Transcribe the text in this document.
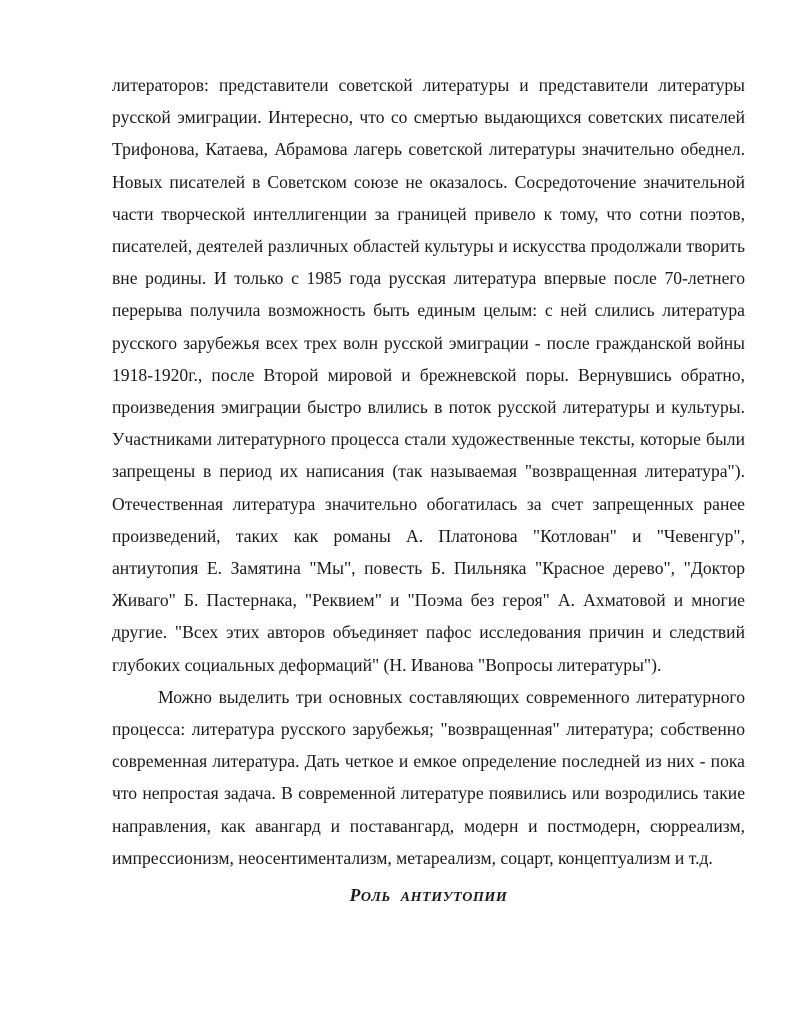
литераторов: представители советской литературы и представители литературы русской эмиграции. Интересно, что со смертью выдающихся советских писателей Трифонова, Катаева, Абрамова лагерь советской литературы значительно обеднел. Новых писателей в Советском союзе не оказалось. Сосредоточение значительной части творческой интеллигенции за границей привело к тому, что сотни поэтов, писателей, деятелей различных областей культуры и искусства продолжали творить вне родины. И только с 1985 года русская литература впервые после 70-летнего перерыва получила возможность быть единым целым: с ней слились литература русского зарубежья всех трех волн русской эмиграции - после гражданской войны 1918-1920г., после Второй мировой и брежневской поры. Вернувшись обратно, произведения эмиграции быстро влились в поток русской литературы и культуры. Участниками литературного процесса стали художественные тексты, которые были запрещены в период их написания (так называемая "возвращенная литература"). Отечественная литература значительно обогатилась за счет запрещенных ранее произведений, таких как романы А. Платонова "Котлован" и "Чевенгур", антиутопия Е. Замятина "Мы", повесть Б. Пильняка "Красное дерево", "Доктор Живаго" Б. Пастернака, "Реквием" и "Поэма без героя" А. Ахматовой и многие другие. "Всех этих авторов объединяет пафос исследования причин и следствий глубоких социальных деформаций" (Н. Иванова "Вопросы литературы").

Можно выделить три основных составляющих современного литературного процесса: литература русского зарубежья; "возвращенная" литература; собственно современная литература. Дать четкое и емкое определение последней из них - пока что непростая задача. В современной литературе появились или возродились такие направления, как авангард и поставангард, модерн и постмодерн, сюрреализм, импрессионизм, неосентиментализм, метареализм, соцарт, концептуализм и т.д.

РОЛЬ АНТИУТОПИИ
